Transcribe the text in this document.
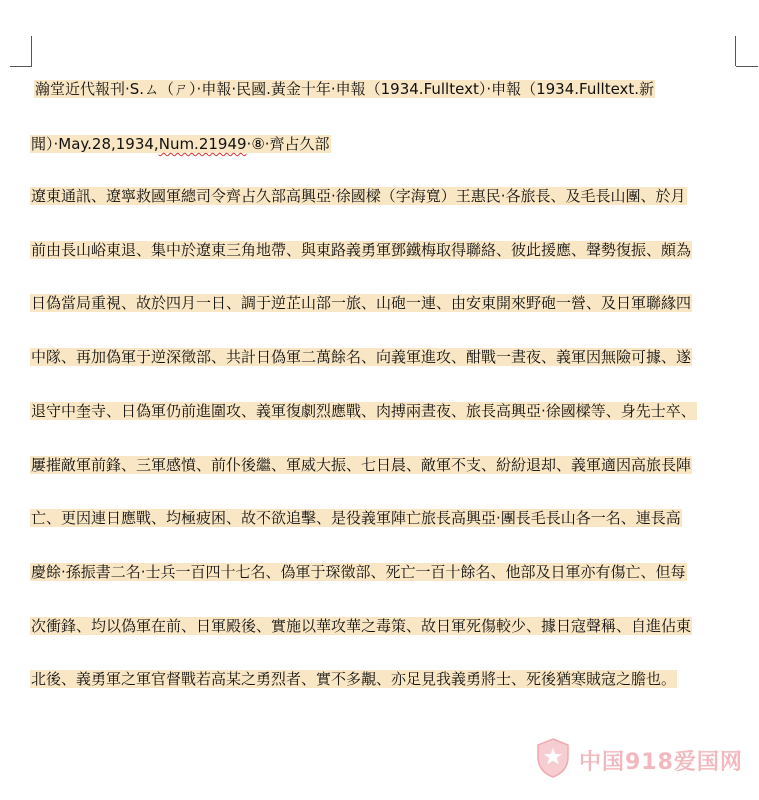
瀚堂近代報刊·S.ㄙ（ㄕ）·申報·民國.黃金十年·申報（1934.Fulltext）·申報（1934.Fulltext.新
聞）·May.28,1934,Num.21949·⑧·齊占久部
遼東通訊、遼寧救國軍總司令齊占久部高興亞·徐國樑（字海寬）王惠民·各旅長、及毛長山團、於月
前由長山峪東退、集中於遼東三角地帶、與東路義勇軍鄧鐵梅取得聯絡、彼此援應、聲勢復振、頗為
日偽當局重視、故於四月一日、調于逆芷山部一旅、山砲一連、由安東開來野砲一營、及日軍聯緣四
中隊、再加偽軍于逆深徵部、共計日偽軍二萬餘名、向義軍進攻、酣戰一晝夜、義軍因無險可據、遂
退守中奎寺、日偽軍仍前進圍攻、義軍復劇烈應戰、肉搏兩晝夜、旅長高興亞·徐國樑等、身先士卒、
屢摧敵軍前鋒、三軍感憤、前仆後繼、軍威大振、七日晨、敵軍不支、紛紛退却、義軍適因高旅長陣
亡、更因連日應戰、均極疲困、故不欲追擊、是役義軍陣亡旅長高興亞·團長毛長山各一名、連長高
慶餘·孫振書二名·士兵一百四十七名、偽軍于琛徵部、死亡一百十餘名、他部及日軍亦有傷亡、但每
次衝鋒、均以偽軍在前、日軍殿後、實施以華攻華之毒策、故日軍死傷較少、據日寇聲稱、自進佔東
北後、義勇軍之軍官督戰若高某之勇烈者、實不多覯、亦足見我義勇將士、死後猶寒賊寇之膽也。
中国918爱国网
